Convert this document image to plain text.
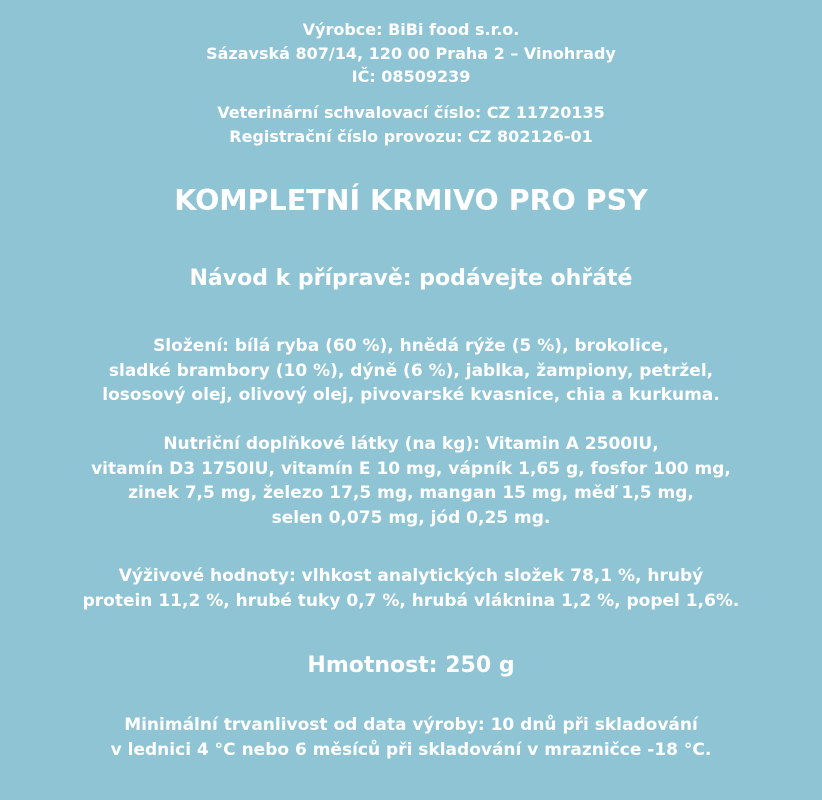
Výrobce: BiBi food s.r.o.
Sázavská 807/14, 120 00 Praha 2 – Vinohrady
IČ: 08509239
Veterinární schvalovací číslo: CZ 11720135
Registrační číslo provozu: CZ 802126-01
KOMPLETNÍ KRMIVO PRO PSY
Návod k přípravě: podávejte ohřáté
Složení: bílá ryba (60 %), hnědá rýže (5 %), brokolice,
sladké brambory (10 %), dýně (6 %), jablka, žampiony, petržel,
lososový olej, olivový olej, pivovarské kvasnice, chia a kurkuma.
Nutriční doplňkové látky (na kg): Vitamin A 2500IU,
vitamín D3 1750IU, vitamín E 10 mg, vápník 1,65 g, fosfor 100 mg,
zinek 7,5 mg, železo 17,5 mg, mangan 15 mg, měď 1,5 mg,
selen 0,075 mg, jód 0,25 mg.
Výživové hodnoty: vlhkost analytických složek 78,1 %, hrubý
protein 11,2 %, hrubé tuky 0,7 %, hrubá vláknina 1,2 %, popel 1,6%.
Hmotnost: 250 g
Minimální trvanlivost od data výroby: 10 dnů při skladování
v lednici 4 °C nebo 6 měsíců při skladování v mrazničce -18 °C.
